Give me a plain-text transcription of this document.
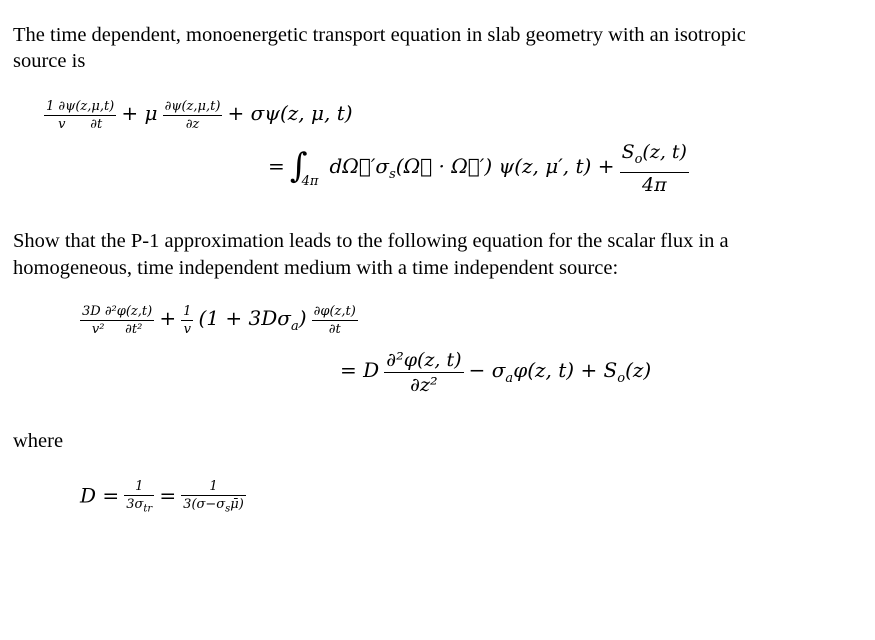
The time dependent, monoenergetic transport equation in slab geometry with an isotropic

source is

$\frac{1 \partial\psi(z,\mu,t)}{v \partial t} + \mu \frac{\partial\psi(z,\mu,t)}{\partial z} + \sigma\psi(z$, μ, t)
= $\int_{4\pi}$ $d\Omega⃗'\sigma_s(\Omega⃗$ · Ω⃗′) ψ(z, μ′, $t) + \frac{S_o(z, t)}{4\pi}$

Show that the P-1 approximation leads to the following equation for the scalar flux in a

homogeneous, time independent medium with a time independent source:

$\frac{\text{3D ∂²φ(z,t)}}{\text{v²     ∂t²}} + \frac{1}{v} (1 + 3D\sigma_a) \frac{\partial\varphi(z,t)}{\partial t}$
= D $\frac{\text{∂²φ(z, t)}}{\text{∂z²}} - \sigma_a\varphi(z$, $t) + S_o(z)$

where

$D = \frac{1}{3\sigma_{tr}} = \frac{1}{3(\sigma-\sigma_s\mū)}$
